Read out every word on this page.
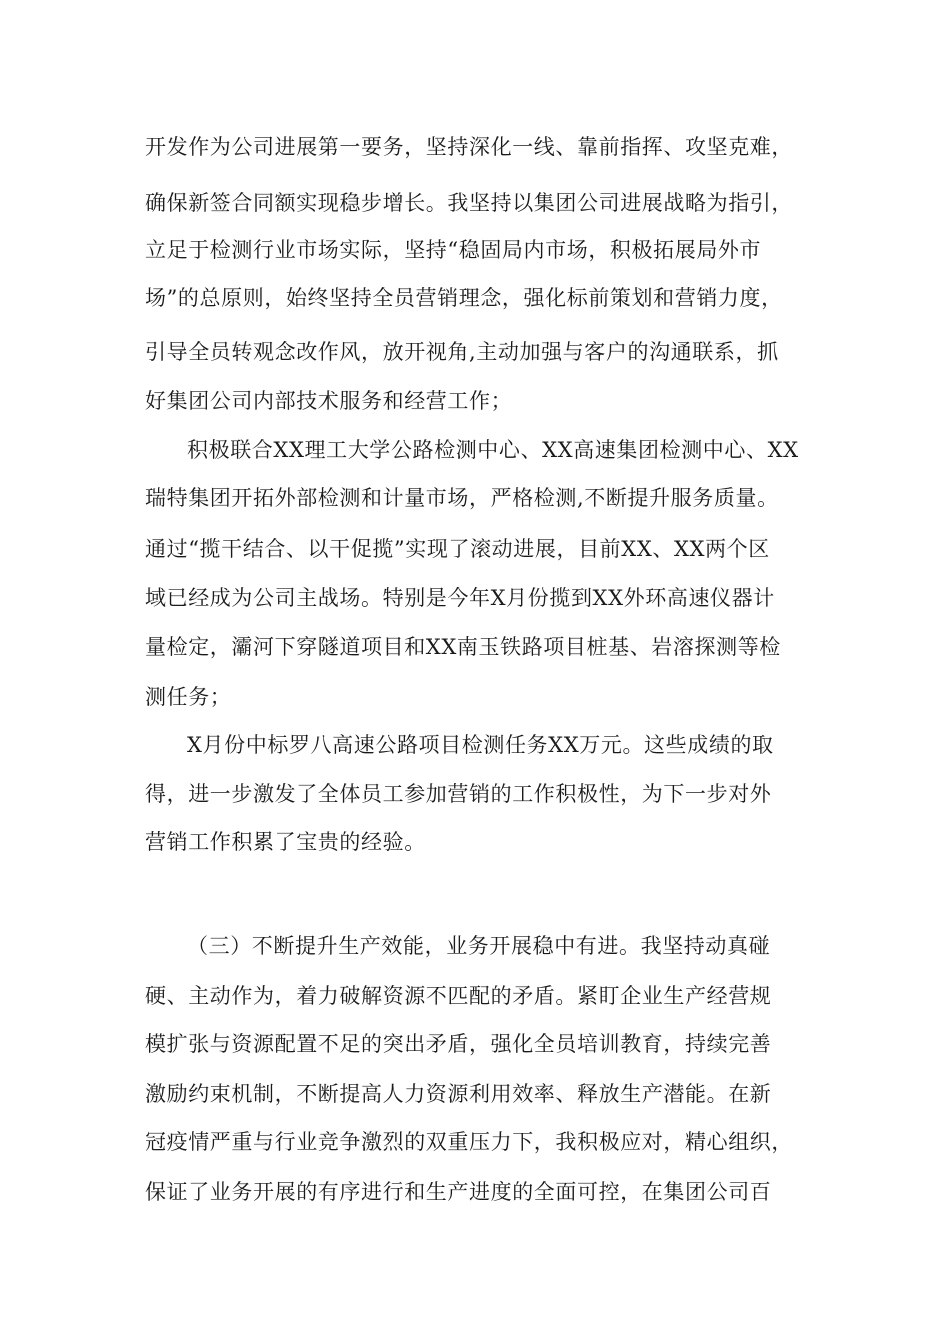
开发作为公司进展第一要务，坚持深化一线、靠前指挥、攻坚克难，
确保新签合同额实现稳步增长。我坚持以集团公司进展战略为指引，
立足于检测行业市场实际，坚持“稳固局内市场，积极拓展局外市
场”的总原则，始终坚持全员营销理念，强化标前策划和营销力度，
引导全员转观念改作风，放开视角,主动加强与客户的沟通联系，抓
好集团公司内部技术服务和经营工作；
积极联合XX理工大学公路检测中心、XX高速集团检测中心、XX
瑞特集团开拓外部检测和计量市场，严格检测,不断提升服务质量。
通过“揽干结合、以干促揽”实现了滚动进展，目前XX、XX两个区
域已经成为公司主战场。特别是今年X月份揽到XX外环高速仪器计
量检定，灞河下穿隧道项目和XX南玉铁路项目桩基、岩溶探测等检
测任务；
X月份中标罗八高速公路项目检测任务XX万元。这些成绩的取
得，进一步激发了全体员工参加营销的工作积极性，为下一步对外
营销工作积累了宝贵的经验。
（三）不断提升生产效能，业务开展稳中有进。我坚持动真碰
硬、主动作为，着力破解资源不匹配的矛盾。紧盯企业生产经营规
模扩张与资源配置不足的突出矛盾，强化全员培训教育，持续完善
激励约束机制，不断提高人力资源利用效率、释放生产潜能。在新
冠疫情严重与行业竞争激烈的双重压力下，我积极应对，精心组织，
保证了业务开展的有序进行和生产进度的全面可控，在集团公司百
